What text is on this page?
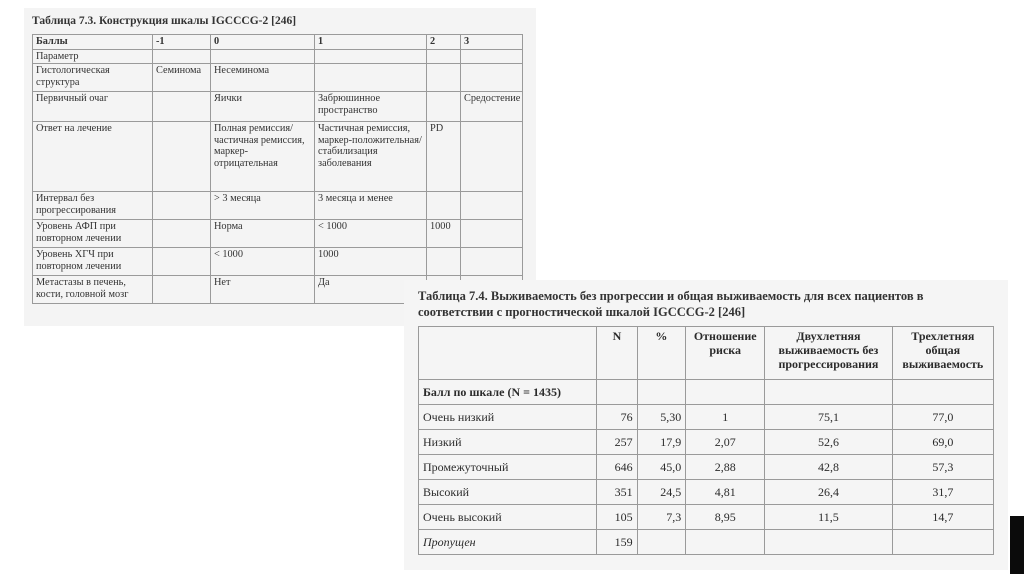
Таблица 7.3. Конструкция шкалы IGCCCG-2 [246]
Баллы	-1	0	1	2	3
Параметр					
Гистологическая структура	Семинома	Несеминома			
Первичный очаг		Яички	Забрюшинное пространство		Средостение
Ответ на лечение		Полная ремиссия/ частичная ремиссия, маркер-отрицательная	Частичная ремиссия, маркер-положительная/ стабилизация заболевания	PD	
Интервал без прогрессирования		> 3 месяца	3 месяца и менее		
Уровень АФП при повторном лечении		Норма	< 1000	1000	
Уровень ХГЧ при повторном лечении		< 1000	1000		
Метастазы в печень, кости, головной мозг		Нет	Да		
Таблица 7.4. Выживаемость без прогрессии и общая выживаемость для всех пациентов в соответствии с прогностической шкалой IGCCCG-2 [246]
	N	%	Отношение риска	Двухлетняя выживаемость без прогрессирования	Трехлетняя общая выживаемость
Балл по шкале (N = 1435)					
Очень низкий	76	5,30	1	75,1	77,0
Низкий	257	17,9	2,07	52,6	69,0
Промежуточный	646	45,0	2,88	42,8	57,3
Высокий	351	24,5	4,81	26,4	31,7
Очень высокий	105	7,3	8,95	11,5	14,7
Пропущен	159				
